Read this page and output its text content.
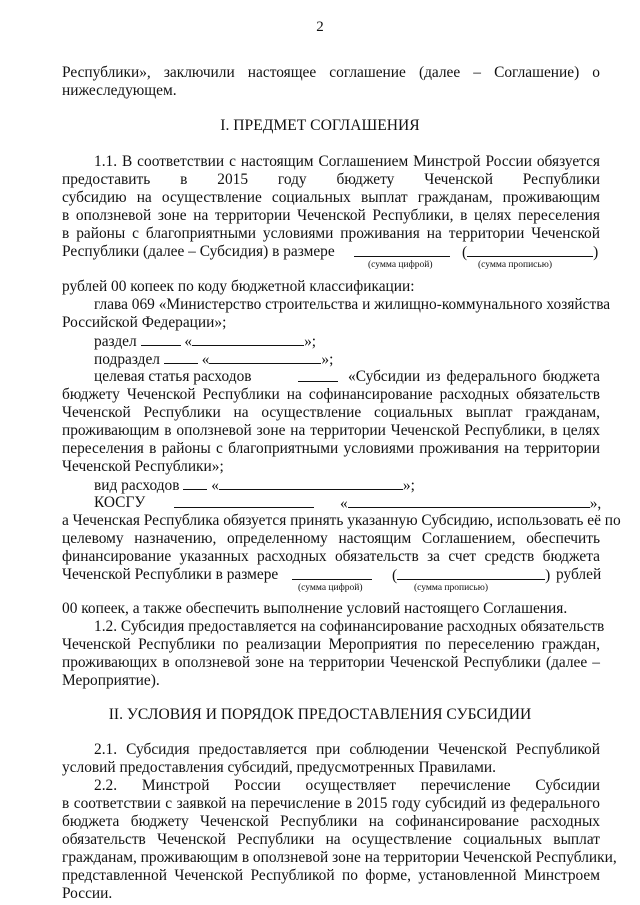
2
Республики», заключили настоящее соглашение (далее – Соглашение) о
нижеследующем.
I. ПРЕДМЕТ СОГЛАШЕНИЯ
1.1. В соответствии с настоящим Соглашением Минстрой России обязуется
предоставить в 2015 году бюджету Чеченской Республики
субсидию на осуществление социальных выплат гражданам, проживающим
в оползневой зоне на территории Чеченской Республики, в целях переселения
в районы с благоприятными условиями проживания на территории Чеченской
Республики (далее – Субсидия) в размере	(	)
(сумма цифрой)	(сумма прописью)
рублей 00 копеек по коду бюджетной классификации:
глава 069 «Министерство строительства и жилищно-коммунального хозяйства
Российской Федерации»;
раздел	«	»;
подраздел  «	»;
целевая статья расходов	«Субсидии из федерального бюджета
бюджету Чеченской Республики на софинансирование расходных обязательств
Чеченской Республики на осуществление социальных выплат гражданам,
проживающим в оползневой зоне на территории Чеченской Республики, в целях
переселения в районы с благоприятными условиями проживания на территории
Чеченской Республики»;
вид расходов  «	»;
КОСГУ	«	»,
а Чеченская Республика обязуется принять указанную Субсидию, использовать её по
целевому назначению, определенному настоящим Соглашением, обеспечить
финансирование указанных расходных обязательств за счет средств бюджета
Чеченской Республики в размере	(	) рублей
(сумма цифрой)	(сумма прописью)
00 копеек, а также обеспечить выполнение условий настоящего Соглашения.
1.2. Субсидия предоставляется на софинансирование расходных обязательств
Чеченской Республики по реализации Мероприятия по переселению граждан,
проживающих в оползневой зоне на территории Чеченской Республики (далее –
Мероприятие).
II. УСЛОВИЯ И ПОРЯДОК ПРЕДОСТАВЛЕНИЯ СУБСИДИИ
2.1. Субсидия предоставляется при соблюдении Чеченской Республикой
условий предоставления субсидий, предусмотренных Правилами.
2.2. Минстрой России осуществляет перечисление Субсидии
в соответствии с заявкой на перечисление в 2015 году субсидий из федерального
бюджета бюджету Чеченской Республики на софинансирование расходных
обязательств Чеченской Республики на осуществление социальных выплат
гражданам, проживающим в оползневой зоне на территории Чеченской Республики,
представленной Чеченской Республикой по форме, установленной Минстроем
России.
